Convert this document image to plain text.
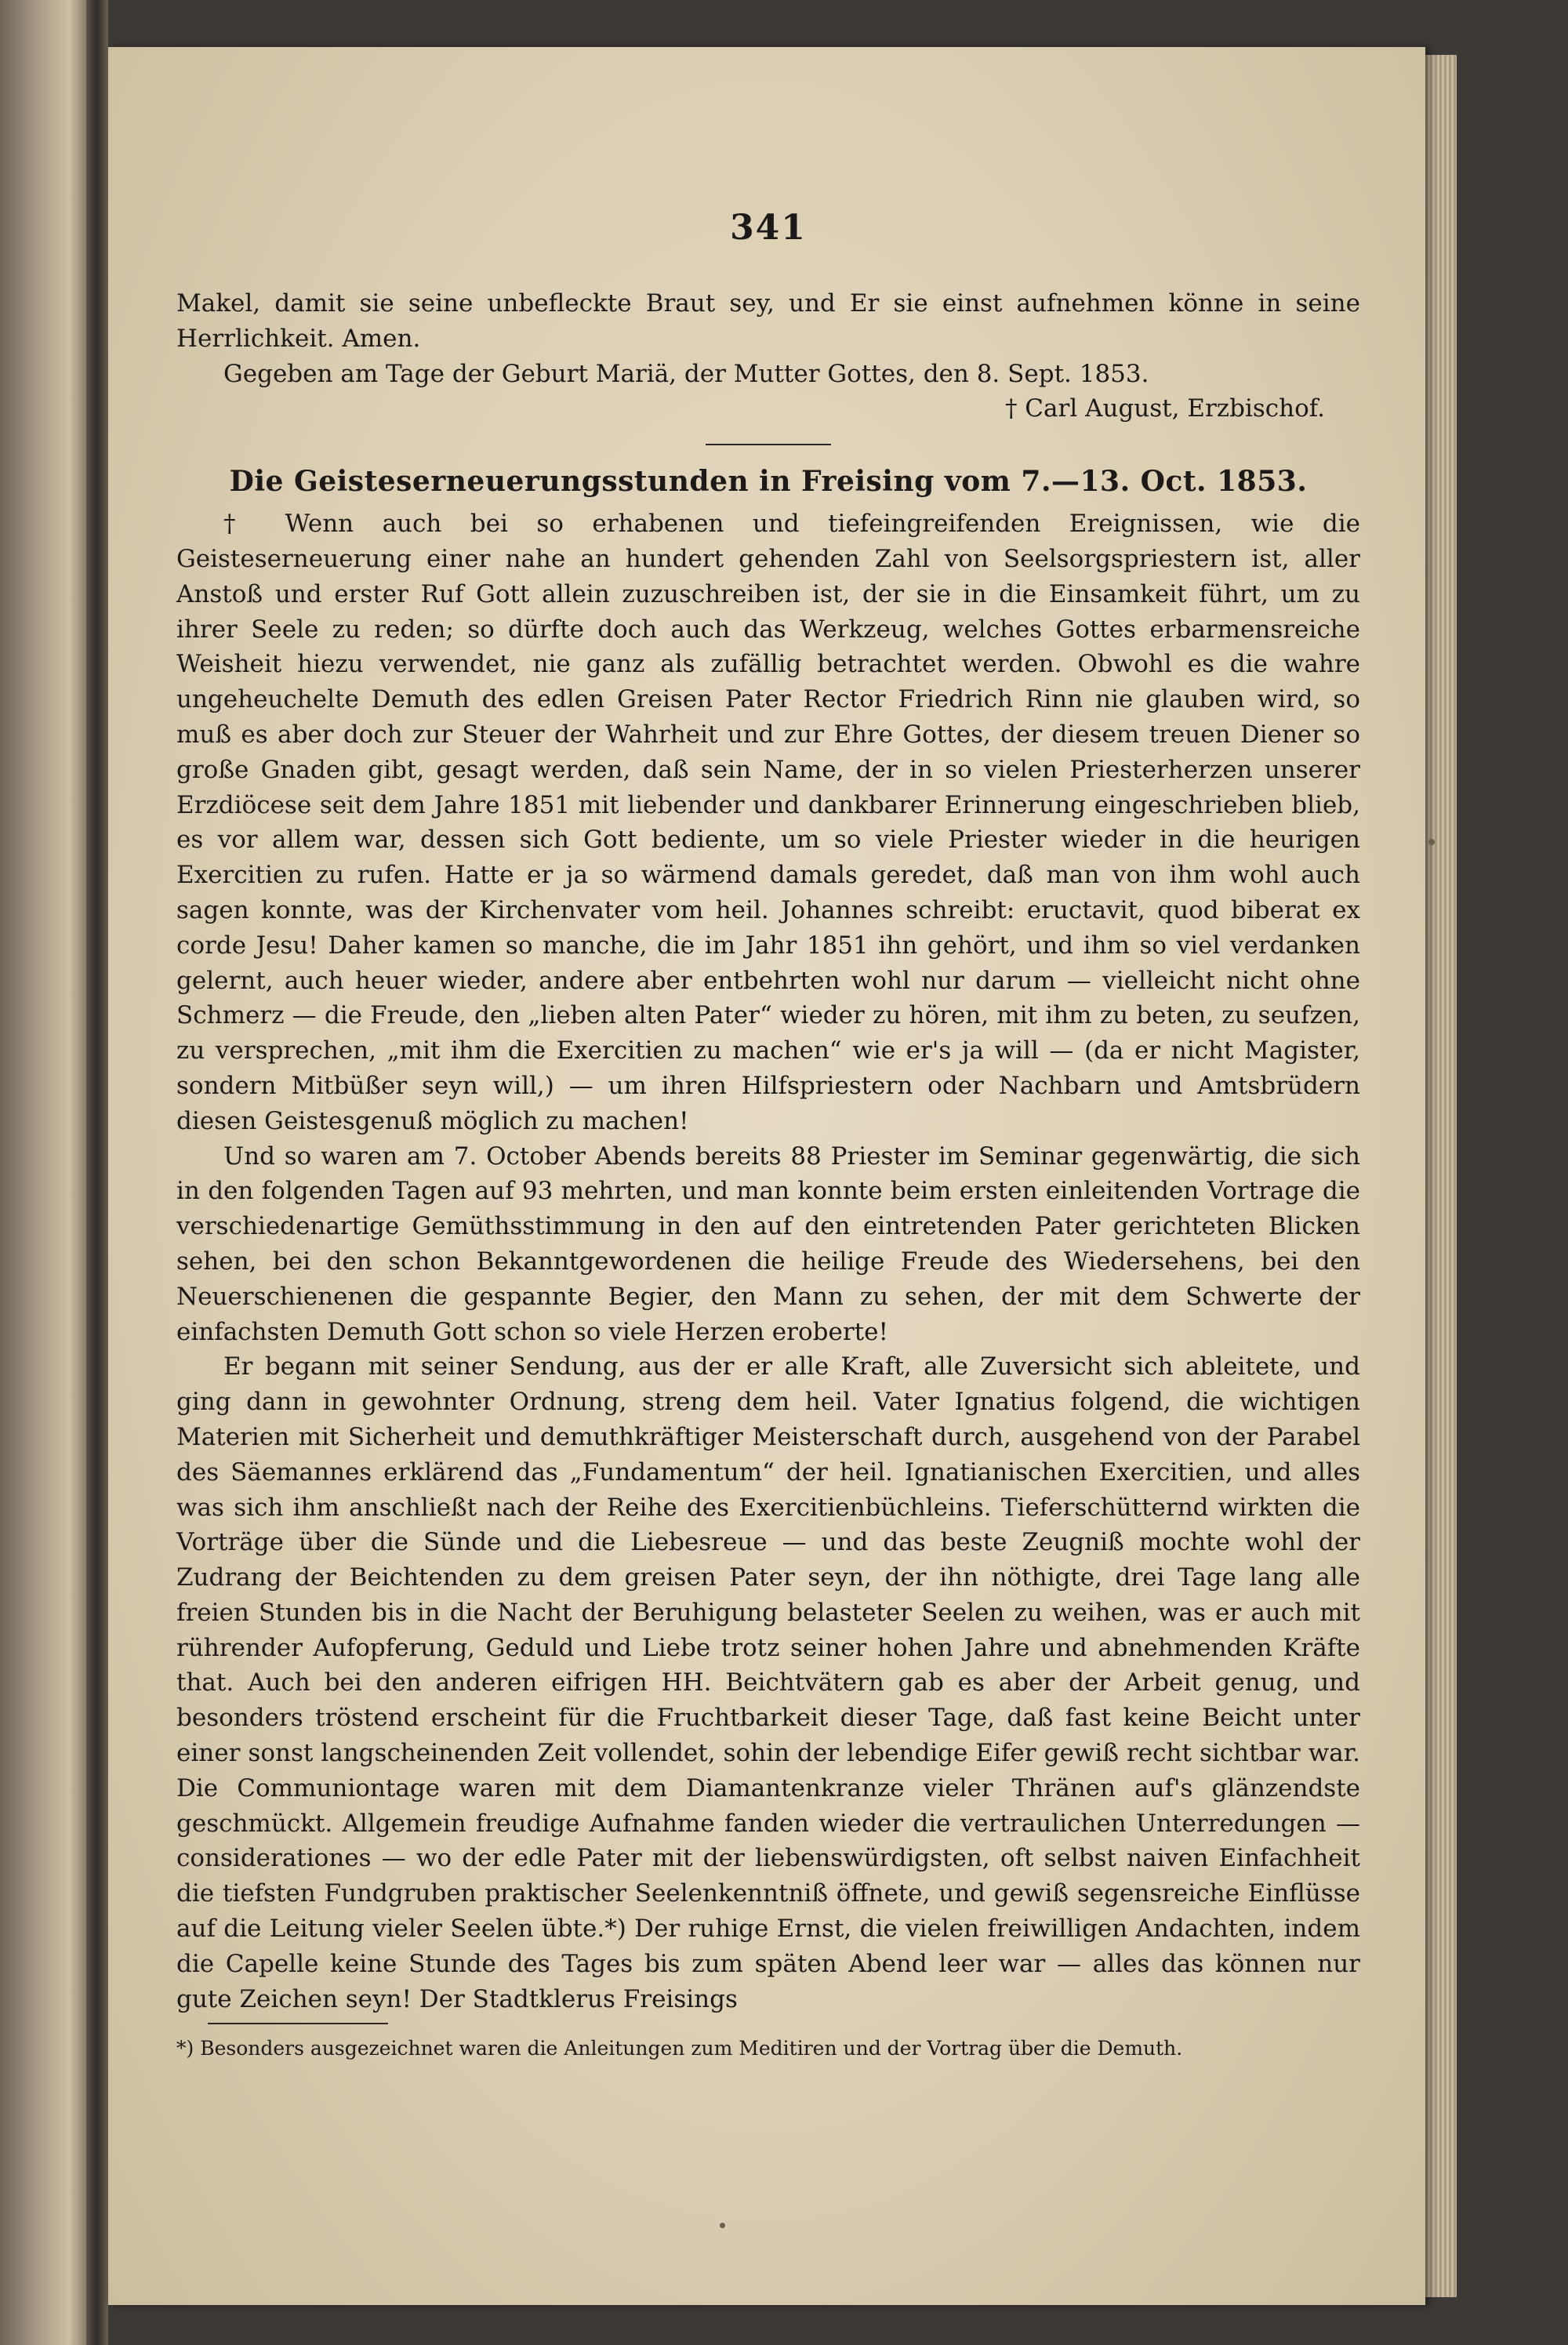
341

Makel, damit sie seine unbefleckte Braut sey, und Er sie einst aufnehmen könne in seine Herrlichkeit. Amen.

Gegeben am Tage der Geburt Mariä, der Mutter Gottes, den 8. Sept. 1853.

† Carl August, Erzbischof.

Die Geisteserneuerungsstunden in Freising vom 7.—13. Oct. 1853.

† Wenn auch bei so erhabenen und tiefeingreifenden Ereignissen, wie die Geisteserneuerung einer nahe an hundert gehenden Zahl von Seelsorgspriestern ist, aller Anstoß und erster Ruf Gott allein zuzuschreiben ist, der sie in die Einsamkeit führt, um zu ihrer Seele zu reden; so dürfte doch auch das Werkzeug, welches Gottes erbarmensreiche Weisheit hiezu verwendet, nie ganz als zufällig betrachtet werden. Obwohl es die wahre ungeheuchelte Demuth des edlen Greisen Pater Rector Friedrich Rinn nie glauben wird, so muß es aber doch zur Steuer der Wahrheit und zur Ehre Gottes, der diesem treuen Diener so große Gnaden gibt, gesagt werden, daß sein Name, der in so vielen Priesterherzen unserer Erzdiöcese seit dem Jahre 1851 mit liebender und dankbarer Erinnerung eingeschrieben blieb, es vor allem war, dessen sich Gott bediente, um so viele Priester wieder in die heurigen Exercitien zu rufen. Hatte er ja so wärmend damals geredet, daß man von ihm wohl auch sagen konnte, was der Kirchenvater vom heil. Johannes schreibt: eructavit, quod biberat ex corde Jesu! Daher kamen so manche, die im Jahr 1851 ihn gehört, und ihm so viel verdanken gelernt, auch heuer wieder, andere aber entbehrten wohl nur darum — vielleicht nicht ohne Schmerz — die Freude, den „lieben alten Pater“ wieder zu hören, mit ihm zu beten, zu seufzen, zu versprechen, „mit ihm die Exercitien zu machen“ wie er's ja will — (da er nicht Magister, sondern Mitbüßer seyn will,) — um ihren Hilfspriestern oder Nachbarn und Amtsbrüdern diesen Geistesgenuß möglich zu machen!

Und so waren am 7. October Abends bereits 88 Priester im Seminar gegenwärtig, die sich in den folgenden Tagen auf 93 mehrten, und man konnte beim ersten einleitenden Vortrage die verschiedenartige Gemüthsstimmung in den auf den eintretenden Pater gerichteten Blicken sehen, bei den schon Bekanntgewordenen die heilige Freude des Wiedersehens, bei den Neuerschienenen die gespannte Begier, den Mann zu sehen, der mit dem Schwerte der einfachsten Demuth Gott schon so viele Herzen eroberte!

Er begann mit seiner Sendung, aus der er alle Kraft, alle Zuversicht sich ableitete, und ging dann in gewohnter Ordnung, streng dem heil. Vater Ignatius folgend, die wichtigen Materien mit Sicherheit und demuthkräftiger Meisterschaft durch, ausgehend von der Parabel des Säemannes erklärend das „Fundamentum“ der heil. Ignatianischen Exercitien, und alles was sich ihm anschließt nach der Reihe des Exercitienbüchleins. Tieferschütternd wirkten die Vorträge über die Sünde und die Liebesreue — und das beste Zeugniß mochte wohl der Zudrang der Beichtenden zu dem greisen Pater seyn, der ihn nöthigte, drei Tage lang alle freien Stunden bis in die Nacht der Beruhigung belasteter Seelen zu weihen, was er auch mit rührender Aufopferung, Geduld und Liebe trotz seiner hohen Jahre und abnehmenden Kräfte that. Auch bei den anderen eifrigen HH. Beichtvätern gab es aber der Arbeit genug, und besonders tröstend erscheint für die Fruchtbarkeit dieser Tage, daß fast keine Beicht unter einer sonst langscheinenden Zeit vollendet, sohin der lebendige Eifer gewiß recht sichtbar war. Die Communiontage waren mit dem Diamantenkranze vieler Thränen auf's glänzendste geschmückt. Allgemein freudige Aufnahme fanden wieder die vertraulichen Unterredungen — considerationes — wo der edle Pater mit der liebenswürdigsten, oft selbst naiven Einfachheit die tiefsten Fundgruben praktischer Seelenkenntniß öffnete, und gewiß segensreiche Einflüsse auf die Leitung vieler Seelen übte.*) Der ruhige Ernst, die vielen freiwilligen Andachten, indem die Capelle keine Stunde des Tages bis zum späten Abend leer war — alles das können nur gute Zeichen seyn! Der Stadtklerus Freisings

*) Besonders ausgezeichnet waren die Anleitungen zum Meditiren und der Vortrag über die Demuth.
